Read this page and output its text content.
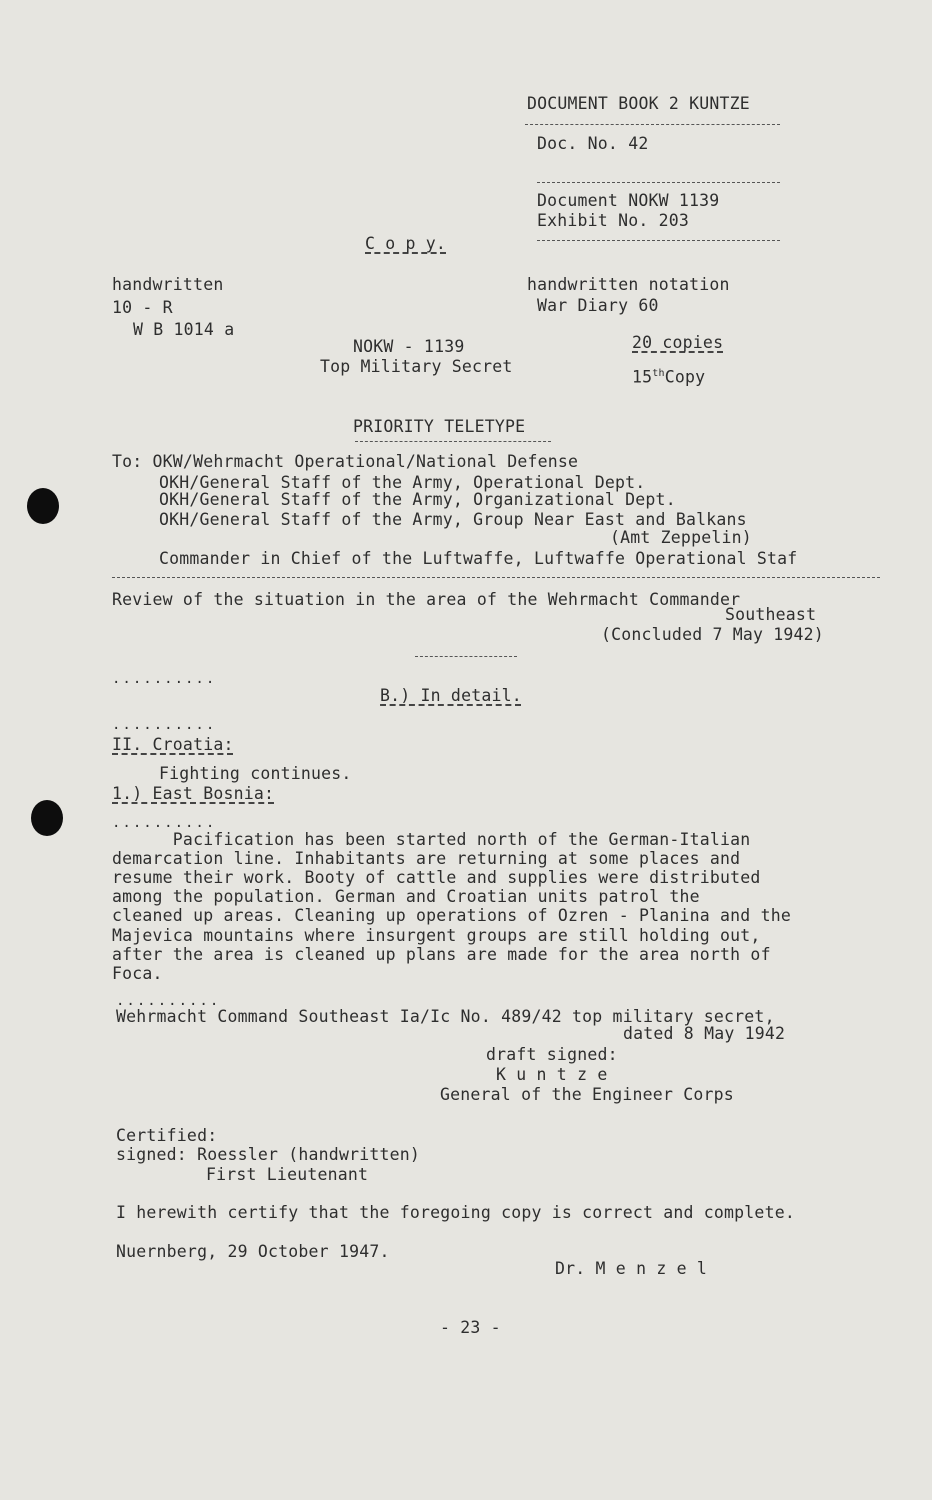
DOCUMENT BOOK 2 KUNTZE
Doc. No. 42
Document NOKW 1139
Exhibit No. 203
C o p y.
handwritten
10 - R
W B 1014 a
handwritten notation
War Diary 60
NOKW - 1139
Top Military Secret
20 copies
15thCopy
PRIORITY TELETYPE
To: OKW/Wehrmacht Operational/National Defense
OKH/General Staff of the Army, Operational Dept.
OKH/General Staff of the Army, Organizational Dept.
OKH/General Staff of the Army, Group Near East and Balkans
(Amt Zeppelin)
Commander in Chief of the Luftwaffe, Luftwaffe Operational Staf
Review of the situation in the area of the Wehrmacht Commander
Southeast
(Concluded 7 May 1942)
..........
B.) In detail.
..........
II. Croatia:
Fighting continues.
1.) East Bosnia:
..........
Pacification has been started north of the German-Italian
demarcation line. Inhabitants are returning at some places and
resume their work. Booty of cattle and supplies were distributed
among the population. German and Croatian units patrol the
cleaned up areas. Cleaning up operations of Ozren - Planina and the
Majevica mountains where insurgent groups are still holding out,
after the area is cleaned up plans are made for the area north of
Foca.
..........
Wehrmacht Command Southeast Ia/Ic No. 489/42 top military secret,
dated 8 May 1942
draft signed:
K u n t z e
General of the Engineer Corps
Certified:
signed: Roessler (handwritten)
First Lieutenant
I herewith certify that the foregoing copy is correct and complete.
Nuernberg, 29 October 1947.
Dr. M e n z e l
- 23 -
